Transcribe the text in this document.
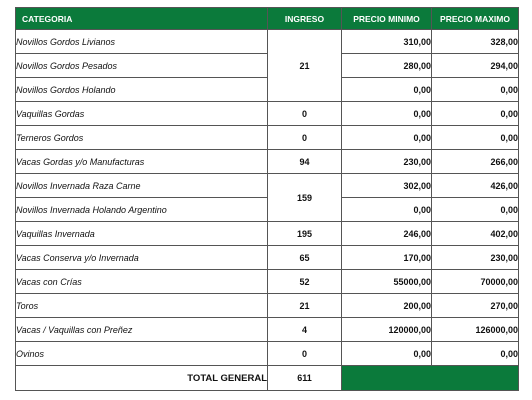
CATEGORIA	INGRESO	PRECIO MINIMO	PRECIO MAXIMO
Novillos Gordos Livianos	21	310,00	328,00
Novillos Gordos Pesados		280,00	294,00
Novillos Gordos Holando		0,00	0,00
Vaquillas Gordas	0	0,00	0,00
Terneros Gordos	0	0,00	0,00
Vacas Gordas y/o Manufacturas	94	230,00	266,00
Novillos Invernada Raza Carne	159	302,00	426,00
Novillos Invernada Holando Argentino		0,00	0,00
Vaquillas Invernada	195	246,00	402,00
Vacas Conserva y/o Invernada	65	170,00	230,00
Vacas con Crías	52	55000,00	70000,00
Toros	21	200,00	270,00
Vacas / Vaquillas con Preñez	4	120000,00	126000,00
Ovinos	0	0,00	0,00
TOTAL GENERAL	611		
